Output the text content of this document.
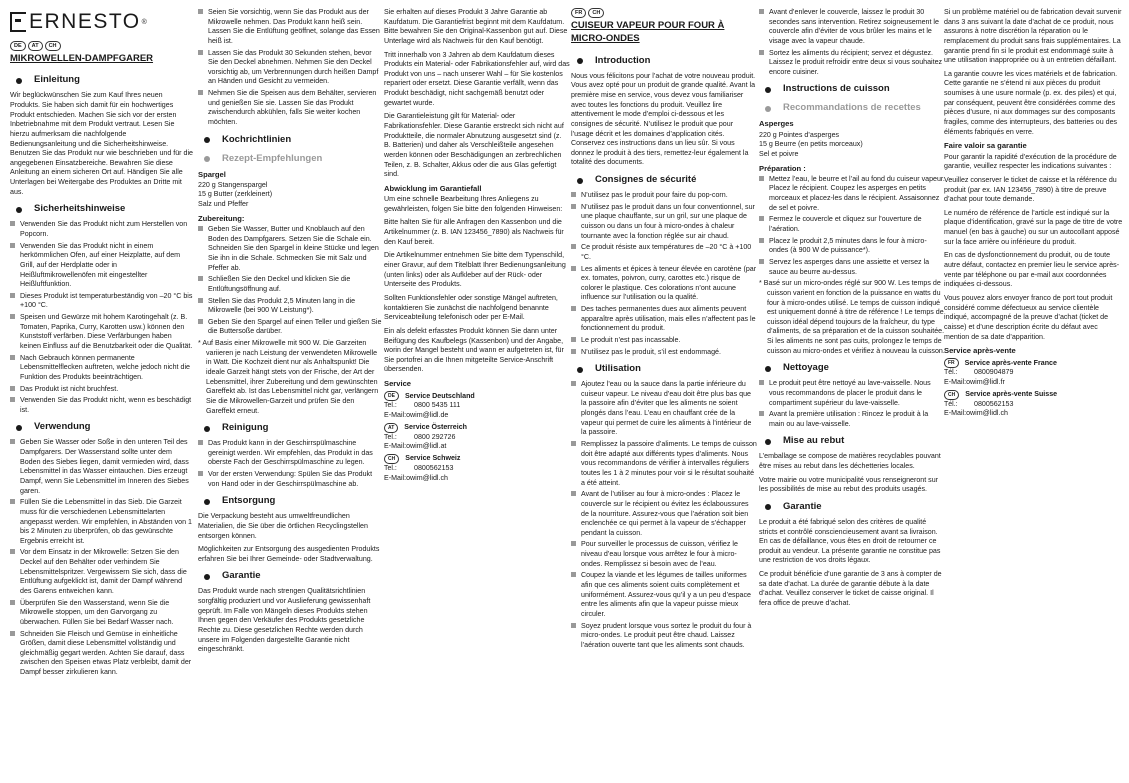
ERNESTO ®
DE	AT	CH
MIKROWELLEN-DAMPFGARER
Einleitung

Wir beglückwünschen Sie zum Kauf Ihres neuen Produkts. Sie haben sich damit für ein hochwertiges Produkt entschieden. Machen Sie sich vor der ersten Inbetriebnahme mit dem Produkt vertraut. Lesen Sie hierzu aufmerksam die nachfolgende Bedienungsanleitung und die Sicherheitshinweise. Benutzen Sie das Produkt nur wie beschrieben und für die angegebenen Einsatzbereiche. Bewahren Sie diese Anleitung an einem sicheren Ort auf. Händigen Sie alle Unterlagen bei Weitergabe des Produktes an Dritte mit aus.

Sicherheitshinweise

Verwenden Sie das Produkt nicht zum Herstellen von Popcorn.

Verwenden Sie das Produkt nicht in einem herkömmlichen Ofen, auf einer Heizplatte, auf dem Grill, auf der Herdplatte oder in Heißluftmikrowellenöfen mit eingestellter Heißluftfunktion.

Dieses Produkt ist temperaturbeständig von –20 °C bis +100 °C.

Speisen und Gewürze mit hohem Karotingehalt (z. B. Tomaten, Paprika, Curry, Karotten usw.) können den Kunststoff verfärben. Diese Verfärbungen haben keinen Einfluss auf die Benutzbarkeit oder die Qualität.

Nach Gebrauch können permanente Lebensmittelflecken auftreten, welche jedoch nicht die Funktion des Produkts beeinträchtigen.

Das Produkt ist nicht bruchfest.

Verwenden Sie das Produkt nicht, wenn es beschädigt ist.

Verwendung

Geben Sie Wasser oder Soße in den unteren Teil des Dampfgarers. Der Wasserstand sollte unter dem Boden des Siebes liegen, damit vermieden wird, dass Lebensmittel in das Wasser eintauchen. Dies erzeugt Dampf, wenn Sie Lebensmittel im Inneren des Siebes garen.

Füllen Sie die Lebensmittel in das Sieb. Die Garzeit muss für die verschiedenen Lebensmittelarten angepasst werden. Wir empfehlen, in Abständen von 1 bis 2 Minuten zu überprüfen, ob das gewünschte Ergebnis erreicht ist.

Vor dem Einsatz in der Mikrowelle: Setzen Sie den Deckel auf den Behälter oder verhindern Sie Lebensmittelspritzer. Vergewissern Sie sich, dass die Entlüftung aufgeklickt ist, damit der Dampf während des Garens entweichen kann.

Überprüfen Sie den Wasserstand, wenn Sie die Mikrowelle stoppen, um den Garvorgang zu überwachen. Füllen Sie bei Bedarf Wasser nach.

Schneiden Sie Fleisch und Gemüse in einheitliche Größen, damit diese Lebensmittel vollständig und gleichmäßig gegart werden. Achten Sie darauf, dass zwischen den Speisen etwas Platz verbleibt, damit der Dampf besser zirkulieren kann.

Seien Sie vorsichtig, wenn Sie das Produkt aus der Mikrowelle nehmen. Das Produkt kann heiß sein. Lassen Sie die Entlüftung geöffnet, solange das Essen heiß ist.

Lassen Sie das Produkt 30 Sekunden stehen, bevor Sie den Deckel abnehmen. Nehmen Sie den Deckel vorsichtig ab, um Verbrennungen durch heißen Dampf an Händen und Gesicht zu vermeiden.

Nehmen Sie die Speisen aus dem Behälter, servieren und genießen Sie sie. Lassen Sie das Produkt zwischendurch abkühlen, falls Sie weiter kochen möchten.

Kochrichtlinien
Rezept-Empfehlungen
Spargel

220 g Stangenspargel

15 g Butter (zerkleinert)

Salz und Pfeffer

Zubereitung:

Geben Sie Wasser, Butter und Knoblauch auf den Boden des Dampfgarers. Setzen Sie die Schale ein. Schneiden Sie den Spargel in kleine Stücke und legen Sie ihn in die Schale. Schmecken Sie mit Salz und Pfeffer ab.

Schließen Sie den Deckel und klicken Sie die Entlüftungsöffnung auf.

Stellen Sie das Produkt 2,5 Minuten lang in die Mikrowelle (bei 900 W Leistung*).

Geben Sie den Spargel auf einen Teller und gießen Sie die Buttersoße darüber.

* Auf Basis einer Mikrowelle mit 900 W. Die Garzeiten variieren je nach Leistung der verwendeten Mikrowelle in Watt. Die Kochzeit dient nur als Anhaltspunkt! Die ideale Garzeit hängt stets von der Frische, der Art der Lebensmittel, ihrer Zubereitung und dem gewünschten Gareffekt ab. Ist das Lebensmittel nicht gar, verlängern Sie die Mikrowellen-Garzeit und prüfen Sie den Gareffekt erneut.

Reinigung

Das Produkt kann in der Geschirrspülmaschine gereinigt werden. Wir empfehlen, das Produkt in das oberste Fach der Geschirrspülmaschine zu legen.

Vor der ersten Verwendung: Spülen Sie das Produkt von Hand oder in der Geschirrspülmaschine ab.

Entsorgung

Die Verpackung besteht aus umweltfreundlichen Materialien, die Sie über die örtlichen Recyclingstellen entsorgen können.

Möglichkeiten zur Entsorgung des ausgedienten Produkts erfahren Sie bei Ihrer Gemeinde- oder Stadtverwaltung.

Garantie

Das Produkt wurde nach strengen Qualitätsrichtlinien sorgfältig produziert und vor Auslieferung gewissenhaft geprüft. Im Falle von Mängeln dieses Produkts stehen Ihnen gegen den Verkäufer des Produkts gesetzliche Rechte zu. Diese gesetzlichen Rechte werden durch unsere im Folgenden dargestellte Garantie nicht eingeschränkt.

Sie erhalten auf dieses Produkt 3 Jahre Garantie ab Kaufdatum. Die Garantiefrist beginnt mit dem Kaufdatum. Bitte bewahren Sie den Original-Kassenbon gut auf. Diese Unterlage wird als Nachweis für den Kauf benötigt.

Tritt innerhalb von 3 Jahren ab dem Kaufdatum dieses Produkts ein Material- oder Fabrikationsfehler auf, wird das Produkt von uns – nach unserer Wahl – für Sie kostenlos repariert oder ersetzt. Diese Garantie verfällt, wenn das Produkt beschädigt, nicht sachgemäß benutzt oder gewartet wurde.

Die Garantieleistung gilt für Material- oder Fabrikationsfehler. Diese Garantie erstreckt sich nicht auf Produktteile, die normaler Abnutzung ausgesetzt sind (z. B. Batterien) und daher als Verschleißteile angesehen werden können oder Beschädigungen an zerbrechlichen Teilen, z. B. Schalter, Akkus oder die aus Glas gefertigt sind.

Abwicklung im Garantiefall

Um eine schnelle Bearbeitung Ihres Anliegens zu gewährleisten, folgen Sie bitte den folgenden Hinweisen:

Bitte halten Sie für alle Anfragen den Kassenbon und die Artikelnummer (z. B. IAN 123456_7890) als Nachweis für den Kauf bereit.

Die Artikelnummer entnehmen Sie bitte dem Typenschild, einer Gravur, auf dem Titelblatt Ihrer Bedienungsanleitung (unten links) oder als Aufkleber auf der Rück- oder Unterseite des Produkts.

Sollten Funktionsfehler oder sonstige Mängel auftreten, kontaktieren Sie zunächst die nachfolgend benannte Serviceabteilung telefonisch oder per E-Mail.

Ein als defekt erfasstes Produkt können Sie dann unter Beifügung des Kaufbelegs (Kassenbon) und der Angabe, worin der Mangel besteht und wann er aufgetreten ist, für Sie portofrei an die Ihnen mitgeteilte Service-Anschrift übersenden.

Service
DE	Service Deutschland
Tel.:	0800 5435 111
E-Mail:owim@lidl.de
AT	Service Österreich
Tel.:	0800 292726
E-Mail:owim@lidl.at
CH	Service Schweiz
Tel.:	0800562153
E-Mail:owim@lidl.ch
FR	CH
CUISEUR VAPEUR POUR FOUR À MICRO-ONDES
Introduction

Nous vous félicitons pour l’achat de votre nouveau produit. Vous avez opté pour un produit de grande qualité. Avant la première mise en service, vous devez vous familiariser avec toutes les fonctions du produit. Veuillez lire attentivement le mode d’emploi ci-dessous et les consignes de sécurité. N’utilisez le produit que pour l’usage décrit et les domaines d’application cités. Conservez ces instructions dans un lieu sûr. Si vous donnez le produit à des tiers, remettez-leur également la totalité des documents.

Consignes de sécurité

N’utilisez pas le produit pour faire du pop-corn.

N’utilisez pas le produit dans un four conventionnel, sur une plaque chauffante, sur un gril, sur une plaque de cuisson ou dans un four à micro-ondes à chaleur tournante avec la fonction réglée sur air chaud.

Ce produit résiste aux températures de –20 °C à +100 °C.

Les aliments et épices à teneur élevée en carotène (par ex. tomates, poivron, curry, carottes etc.) risque de colorer le plastique. Ces colorations n’ont aucune influence sur l’utilisation ou la qualité.

Des taches permanentes dues aux aliments peuvent apparaître après utilisation, mais elles n’affectent pas le fonctionnement du produit.

Le produit n’est pas incassable.

N’utilisez pas le produit, s’il est endommagé.

Utilisation

Ajoutez l’eau ou la sauce dans la partie inférieure du cuiseur vapeur. Le niveau d’eau doit être plus bas que la passoire afin d’éviter que les aliments ne soient plongés dans l’eau. L’eau en chauffant crée de la vapeur qui permet de cuire les aliments à l’intérieur de la passoire.

Remplissez la passoire d’aliments. Le temps de cuisson doit être adapté aux différents types d’aliments. Nous vous recommandons de vérifier à intervalles réguliers toutes les 1 à 2 minutes pour voir si le résultat souhaité a été atteint.

Avant de l’utiliser au four à micro-ondes : Placez le couvercle sur le récipient ou évitez les éclaboussures de la nourriture. Assurez-vous que l’aération soit bien enclenchée ce qui permet à la vapeur de s’échapper pendant la cuisson.

Pour surveiller le processus de cuisson, vérifiez le niveau d’eau lorsque vous arrêtez le four à micro-ondes. Remplissez si besoin avec de l’eau.

Coupez la viande et les légumes de tailles uniformes afin que ces aliments soient cuits complètement et uniformément. Assurez-vous qu’il y a un peu d’espace entre les aliments afin que la vapeur puisse mieux circuler.

Soyez prudent lorsque vous sortez le produit du four à micro-ondes. Le produit peut être chaud. Laissez l’aération ouverte tant que les aliments sont chauds.

Avant d’enlever le couvercle, laissez le produit 30 secondes sans intervention. Retirez soigneusement le couvercle afin d’éviter de vous brûler les mains et le visage avec la vapeur chaude.

Sortez les aliments du récipient; servez et dégustez. Laissez le produit refroidir entre deux si vous souhaitez encore cuisiner.

Instructions de cuisson
Recommandations de recettes
Asperges

220 g Pointes d’asperges

15 g Beurre (en petits morceaux)

Sel et poivre

Préparation :

Mettez l’eau, le beurre et l’ail au fond du cuiseur vapeur. Placez le récipient. Coupez les asperges en petits morceaux et placez-les dans le récipient. Assaisonnez de sel et poivre.

Fermez le couvercle et cliquez sur l’ouverture de l’aération.

Placez le produit 2,5 minutes dans le four à micro-ondes (à 900 W de puissance*).

Servez les asperges dans une assiette et versez la sauce au beurre au-dessus.

* Basé sur un micro-ondes réglé sur 900 W. Les temps de cuisson varient en fonction de la puissance en watts du four à micro-ondes utilisé. Le temps de cuisson indiqué est uniquement donné à titre de référence ! Le temps de cuisson idéal dépend toujours de la fraîcheur, du type d’aliments, de sa préparation et de la cuisson souhaitée. Si les aliments ne sont pas cuits, prolongez le temps de cuisson au micro-ondes et vérifiez à nouveau la cuisson.

Nettoyage

Le produit peut être nettoyé au lave-vaisselle. Nous vous recommandons de placer le produit dans le compartiment supérieur du lave-vaisselle.

Avant la première utilisation : Rincez le produit à la main ou au lave-vaisselle.

Mise au rebut

L’emballage se compose de matières recyclables pouvant être mises au rebut dans les déchetteries locales.

Votre mairie ou votre municipalité vous renseigneront sur les possibilités de mise au rebut des produits usagés.

Garantie

Le produit a été fabriqué selon des critères de qualité stricts et contrôlé consciencieusement avant sa livraison. En cas de défaillance, vous êtes en droit de retourner ce produit au vendeur. La présente garantie ne constitue pas une restriction de vos droits légaux.

Ce produit bénéficie d’une garantie de 3 ans à compter de sa date d’achat. La durée de garantie débute à la date d’achat. Veuillez conserver le ticket de caisse original. Il fera office de preuve d’achat.

Si un problème matériel ou de fabrication devait survenir dans 3 ans suivant la date d’achat de ce produit, nous assurons à notre discrétion la réparation ou le remplacement du produit sans frais supplémentaires. La garantie prend fin si le produit est endommagé suite à une utilisation inappropriée ou à un entretien défaillant.

La garantie couvre les vices matériels et de fabrication. Cette garantie ne s’étend ni aux pièces du produit soumises à une usure normale (p. ex. des piles) et qui, par conséquent, peuvent être considérées comme des pièces d’usure, ni aux dommages sur des composants fragiles, comme des interrupteurs, des batteries ou des éléments fabriqués en verre.

Faire valoir sa garantie

Pour garantir la rapidité d’exécution de la procédure de garantie, veuillez respecter les indications suivantes :

Veuillez conserver le ticket de caisse et la référence du produit (par ex. IAN 123456_7890) à titre de preuve d’achat pour toute demande.

Le numéro de référence de l’article est indiqué sur la plaque d’identification, gravé sur la page de titre de votre manuel (en bas à gauche) ou sur un autocollant apposé sur la face arrière ou inférieure du produit.

En cas de dysfonctionnement du produit, ou de toute autre défaut, contactez en premier lieu le service après-vente par téléphone ou par e-mail aux coordonnées indiquées ci-dessous.

Vous pouvez alors envoyer franco de port tout produit considéré comme défectueux au service clientèle indiqué, accompagné de la preuve d’achat (ticket de caisse) et d’une description écrite du défaut avec mention de sa date d’apparition.

Service après-vente
FR	Service après-vente France
Tél.:	0800904879
E-Mail:owim@lidl.fr
CH	Service après-vente Suisse
Tél.:	0800562153
E-Mail:owim@lidl.ch
